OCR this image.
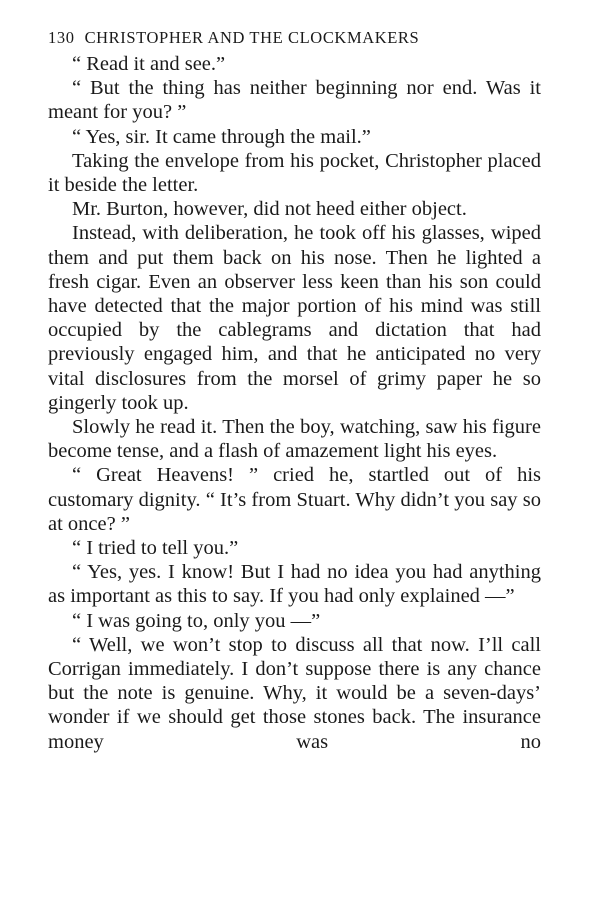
130 CHRISTOPHER AND THE CLOCKMAKERS

“ Read it and see.”

“ But the thing has neither beginning nor end. Was it meant for you? ”

“ Yes, sir. It came through the mail.”

Taking the envelope from his pocket, Christopher placed it beside the letter.

Mr. Burton, however, did not heed either object.

Instead, with deliberation, he took off his glasses, wiped them and put them back on his nose. Then he lighted a fresh cigar. Even an observer less keen than his son could have detected that the major portion of his mind was still occupied by the cablegrams and dictation that had previously engaged him, and that he anticipated no very vital disclosures from the morsel of grimy paper he so gingerly took up.

Slowly he read it. Then the boy, watching, saw his figure become tense, and a flash of amazement light his eyes.

“ Great Heavens! ” cried he, startled out of his customary dignity. “ It’s from Stuart. Why didn’t you say so at once? ”

“ I tried to tell you.”

“ Yes, yes. I know! But I had no idea you had anything as important as this to say. If you had only explained —”

“ I was going to, only you —”

“ Well, we won’t stop to discuss all that now. I’ll call Corrigan immediately. I don’t suppose there is any chance but the note is genuine. Why, it would be a seven-days’ wonder if we should get those stones back. The insurance money was no
